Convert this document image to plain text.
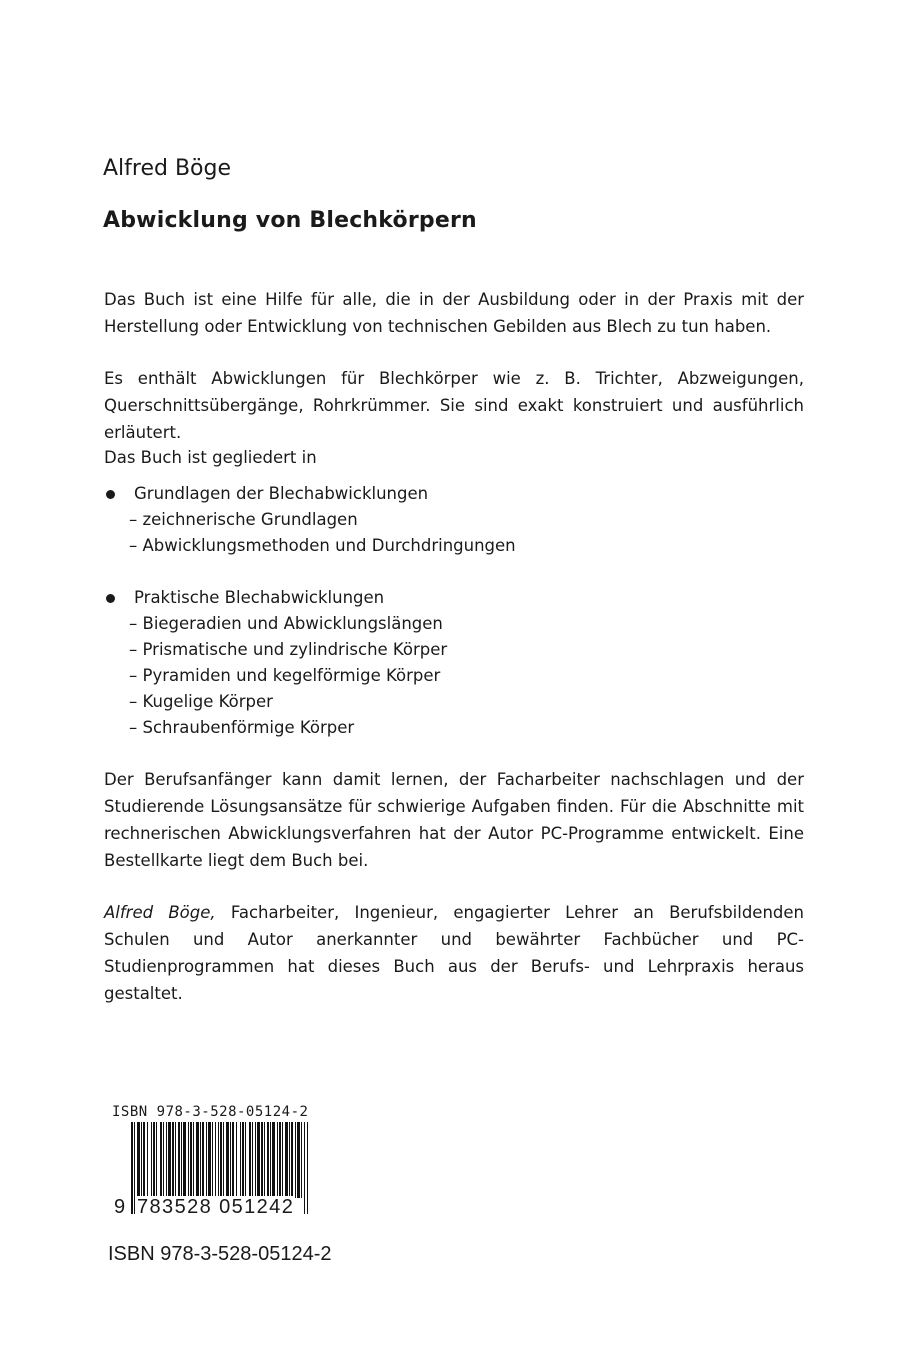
Alfred Böge
Abwicklung von Blechkörpern

Das Buch ist eine Hilfe für alle, die in der Ausbildung oder in der Praxis mit der Herstellung oder Entwicklung von technischen Gebilden aus Blech zu tun haben.

Es enthält Abwicklungen für Blechkörper wie z. B. Trichter, Abzweigungen, Querschnittsübergänge, Rohrkrümmer. Sie sind exakt konstruiert und ausführlich erläutert.

Das Buch ist gegliedert in

Grundlagen der Blechabwicklungen
– zeichnerische Grundlagen
– Abwicklungsmethoden und Durchdringungen
Praktische Blechabwicklungen
– Biegeradien und Abwicklungslängen
– Prismatische und zylindrische Körper
– Pyramiden und kegelförmige Körper
– Kugelige Körper
– Schraubenförmige Körper

Der Berufsanfänger kann damit lernen, der Facharbeiter nachschlagen und der Studierende Lösungsansätze für schwierige Aufgaben finden. Für die Abschnitte mit rechnerischen Abwicklungsverfahren hat der Autor PC-Programme entwickelt. Eine Bestellkarte liegt dem Buch bei.

Alfred Böge, Facharbeiter, Ingenieur, engagierter Lehrer an Berufsbildenden Schulen und Autor anerkannter und bewährter Fachbücher und PC-Studienprogrammen hat dieses Buch aus der Berufs- und Lehrpraxis heraus gestaltet.

ISBN 978-3-528-05124-2
9 783528 051242
ISBN 978-3-528-05124-2
